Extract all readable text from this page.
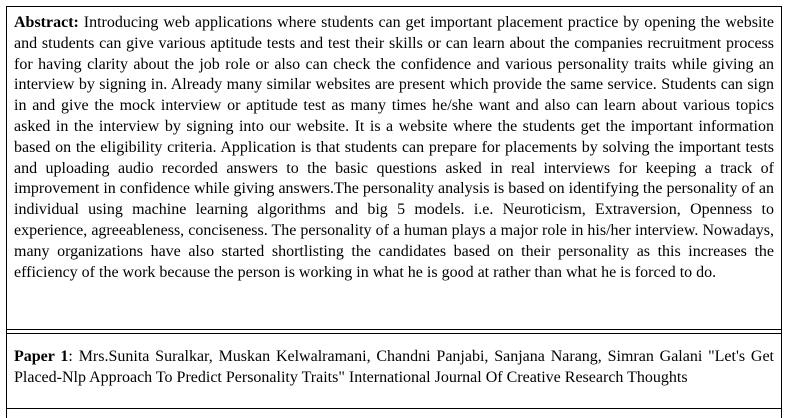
Abstract: Introducing web applications where students can get important placement practice by opening the website and students can give various aptitude tests and test their skills or can learn about the companies recruitment process for having clarity about the job role or also can check the confidence and various personality traits while giving an interview by signing in. Already many similar websites are present which provide the same service. Students can sign in and give the mock interview or aptitude test as many times he/she want and also can learn about various topics asked in the interview by signing into our website. It is a website where the students get the important information based on the eligibility criteria. Application is that students can prepare for placements by solving the important tests and uploading audio recorded answers to the basic questions asked in real interviews for keeping a track of improvement in confidence while giving answers.The personality analysis is based on identifying the personality of an individual using machine learning algorithms and big 5 models. i.e. Neuroticism, Extraversion, Openness to experience, agreeableness, conciseness. The personality of a human plays a major role in his/her interview. Nowadays, many organizations have also started shortlisting the candidates based on their personality as this increases the efficiency of the work because the person is working in what he is good at rather than what he is forced to do.
Paper 1: Mrs.Sunita Suralkar, Muskan Kelwalramani, Chandni Panjabi, Sanjana Narang, Simran Galani "Let's Get Placed-Nlp Approach To Predict Personality Traits" International Journal Of Creative Research Thoughts
